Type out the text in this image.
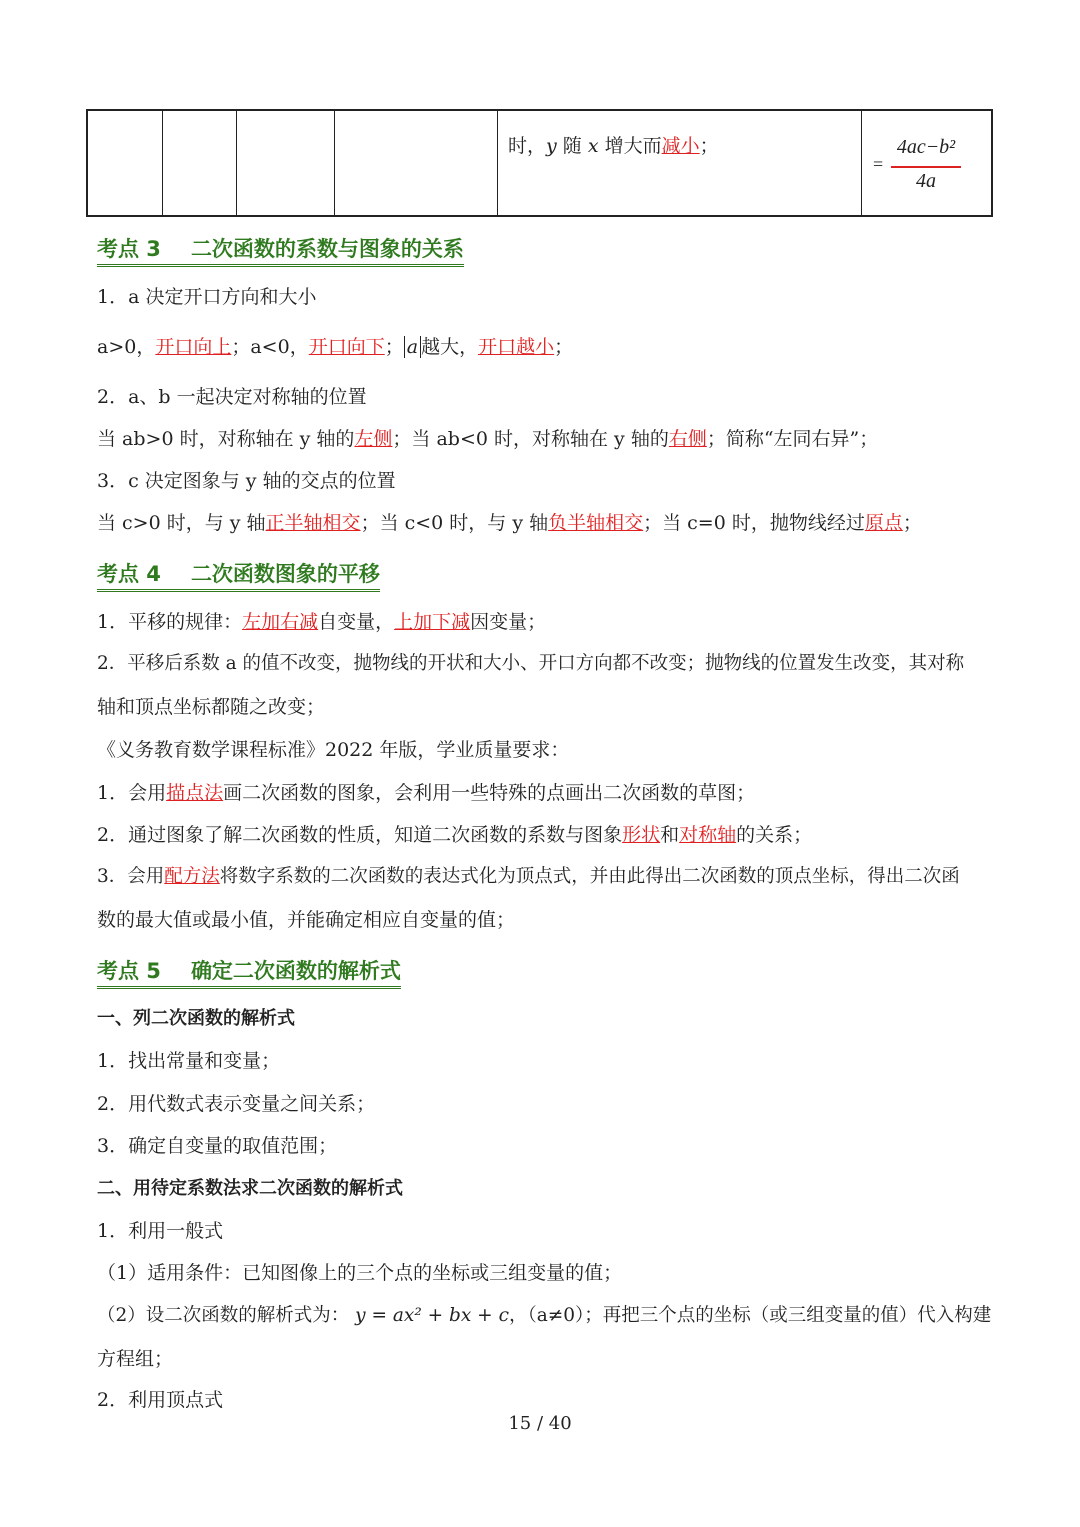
时，y 随 x 增大而减小；
=
4ac−b²
4a
考点 3 二次函数的系数与图象的关系
1．a 决定开口方向和大小
a>0，开口向上；a<0，开口向下； a 越大，开口越小；
2．a、b 一起决定对称轴的位置
当 ab>0 时，对称轴在 y 轴的左侧；当 ab<0 时，对称轴在 y 轴的右侧；简称“左同右异”；
3．c 决定图象与 y 轴的交点的位置
当 c>0 时，与 y 轴正半轴相交；当 c<0 时，与 y 轴负半轴相交；当 c=0 时，抛物线经过原点；
考点 4 二次函数图象的平移
1．平移的规律：左加右减自变量，上加下减因变量；
2．平移后系数 a 的值不改变，抛物线的开状和大小、开口方向都不改变；抛物线的位置发生改变，其对称
轴和顶点坐标都随之改变；
《义务教育数学课程标准》2022 年版，学业质量要求：
1．会用描点法画二次函数的图象，会利用一些特殊的点画出二次函数的草图；
2．通过图象了解二次函数的性质，知道二次函数的系数与图象形状和对称轴的关系；
3．会用配方法将数字系数的二次函数的表达式化为顶点式，并由此得出二次函数的顶点坐标，得出二次函
数的最大值或最小值，并能确定相应自变量的值；
考点 5 确定二次函数的解析式
一、列二次函数的解析式
1．找出常量和变量；
2．用代数式表示变量之间关系；
3．确定自变量的取值范围；
二、用待定系数法求二次函数的解析式
1．利用一般式
（1）适用条件：已知图像上的三个点的坐标或三组变量的值；
（2）设二次函数的解析式为： y = ax² + bx + c，（a≠0）；再把三个点的坐标（或三组变量的值）代入构建
方程组；
2．利用顶点式
15 / 40
